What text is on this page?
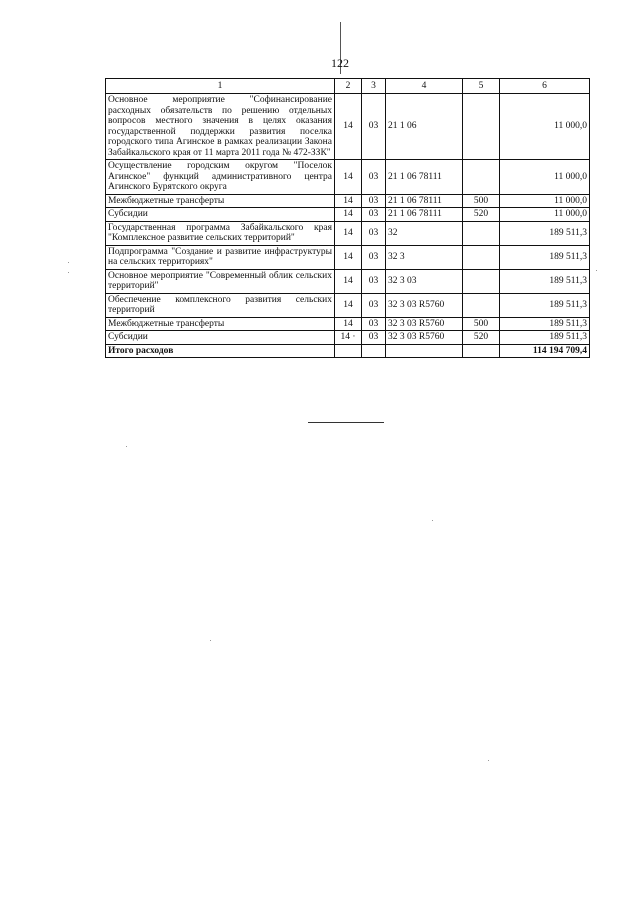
122
1	2	3	4	5	6
Основное мероприятие "Софинансирование расходных обязательств по решению отдельных вопросов местного значения в целях оказания государственной поддержки развития поселка городского типа Агинское в рамках реализации Закона Забайкальского края от 11 марта 2011 года № 472-ЗЗК"	14	03	21 1 06		11 000,0
Осуществление городским округом "Поселок Агинское" функций административного центра Агинского Бурятского округа	14	03	21 1 06 78111		11 000,0
Межбюджетные трансферты	14	03	21 1 06 78111	500	11 000,0
Субсидии	14	03	21 1 06 78111	520	11 000,0
Государственная программа Забайкальского края "Комплексное развитие сельских территорий"	14	03	32		189 511,3
Подпрограмма "Создание и развитие инфраструктуры на сельских территориях"	14	03	32 3		189 511,3
Основное мероприятие "Современный облик сельских территорий"	14	03	32 3 03		189 511,3
Обеспечение комплексного развития сельских территорий	14	03	32 3 03 R5760		189 511,3
Межбюджетные трансферты	14	03	32 3 03 R5760	500	189 511,3
Субсидии	14 ·	03	32 3 03 R5760	520	189 511,3
Итого расходов					114 194 709,4
